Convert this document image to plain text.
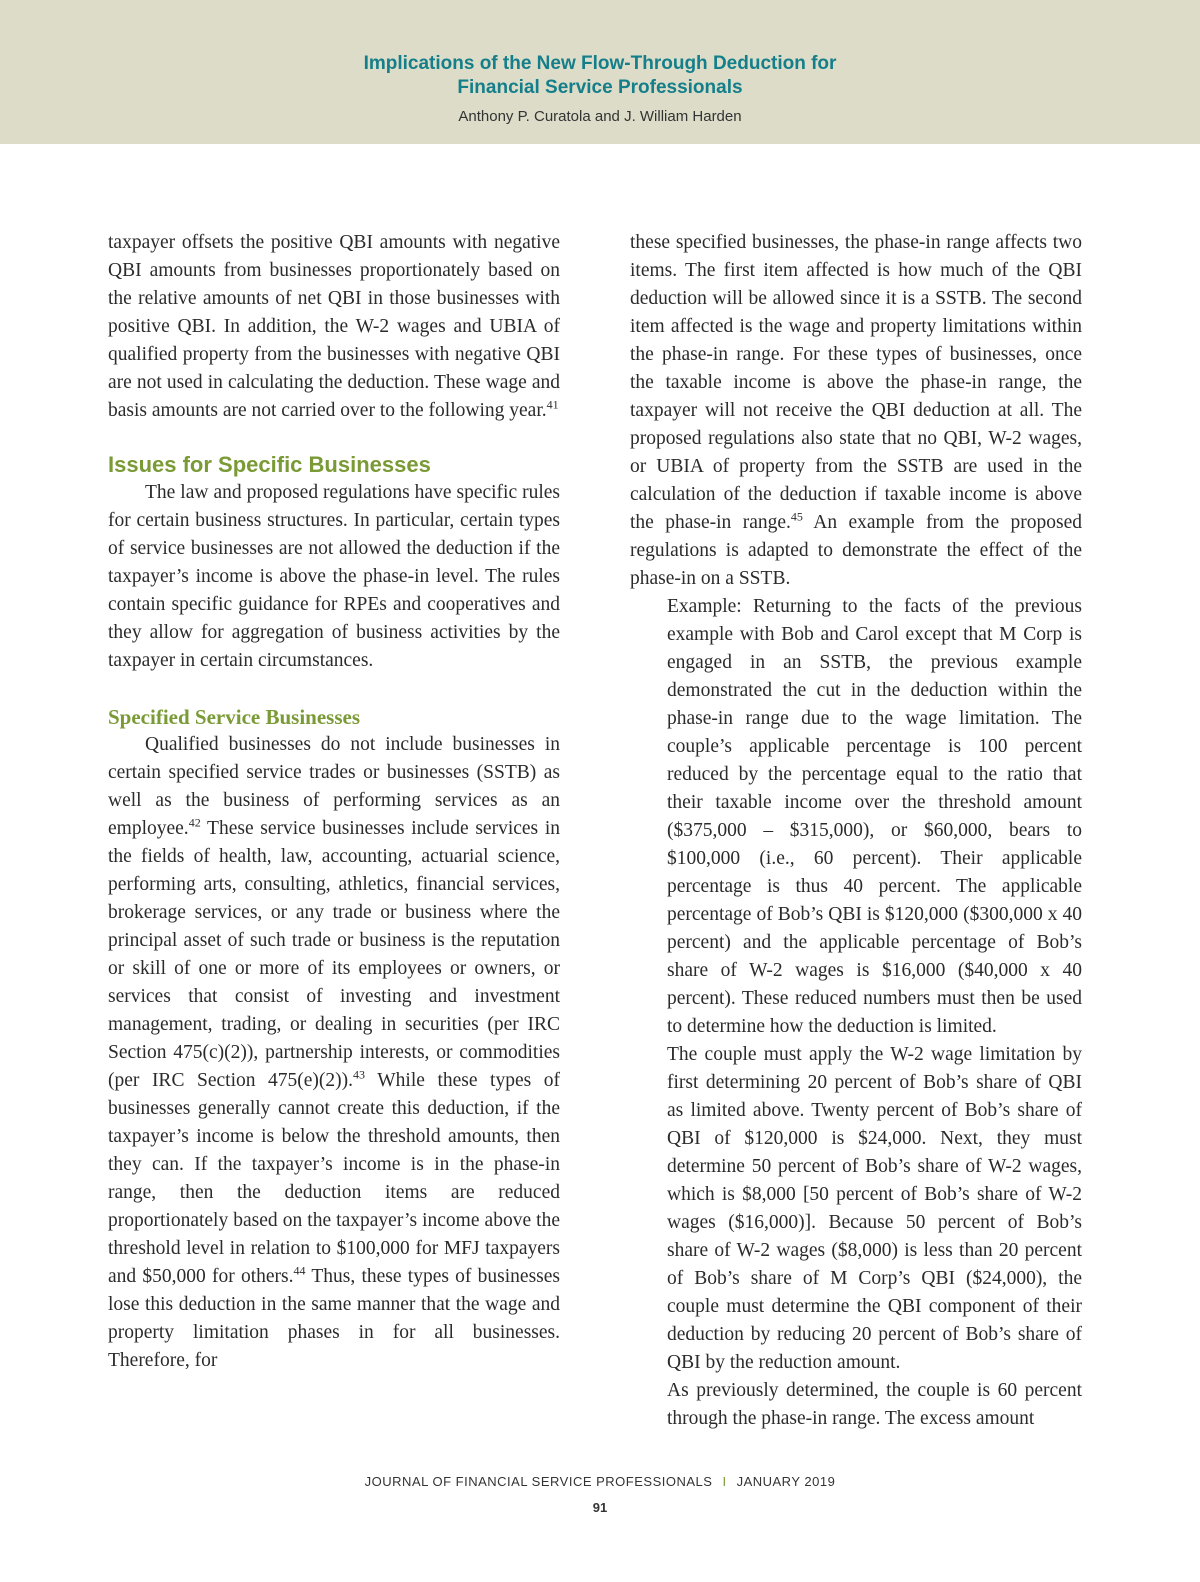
Implications of the New Flow-Through Deduction for
Financial Service Professionals
Anthony P. Curatola and J. William Harden

taxpayer offsets the positive QBI amounts with negative QBI amounts from businesses proportionately based on the relative amounts of net QBI in those businesses with positive QBI. In addition, the W-2 wages and UBIA of qualified property from the businesses with negative QBI are not used in calculating the deduction. These wage and basis amounts are not carried over to the following year.$^{41}$

Issues for Specific Businesses

The law and proposed regulations have specific rules for certain business structures. In particular, certain types of service businesses are not allowed the deduction if the taxpayer’s income is above the phase-in level. The rules contain specific guidance for RPEs and cooperatives and they allow for aggregation of business activities by the taxpayer in certain circumstances.

Specified Service Businesses

Qualified businesses do not include businesses in certain specified service trades or businesses (SSTB) as well as the business of performing services as an employee.$^{42}$ These service businesses include services in the fields of health, law, accounting, actuarial science, performing arts, consulting, athletics, financial services, brokerage services, or any trade or business where the principal asset of such trade or business is the reputation or skill of one or more of its employees or owners, or services that consist of investing and investment management, trading, or dealing in securities (per IRC Section 475(c)(2)), partnership interests, or commodities (per IRC Section 475(e)(2)).$^{43}$ While these types of businesses generally cannot create this deduction, if the taxpayer’s income is below the threshold amounts, then they can. If the taxpayer’s income is in the phase-in range, then the deduction items are reduced proportionately based on the taxpayer’s income above the threshold level in relation to $100,000 for MFJ taxpayers and $50,000 for others.$^{44}$ Thus, these types of businesses lose this deduction in the same manner that the wage and property limitation phases in for all businesses. Therefore, for

these specified businesses, the phase-in range affects two items. The first item affected is how much of the QBI deduction will be allowed since it is a SSTB. The second item affected is the wage and property limitations within the phase-in range. For these types of businesses, once the taxable income is above the phase-in range, the taxpayer will not receive the QBI deduction at all. The proposed regulations also state that no QBI, W-2 wages, or UBIA of property from the SSTB are used in the calculation of the deduction if taxable income is above the phase-in range.$^{45}$ An example from the proposed regulations is adapted to demonstrate the effect of the phase-in on a SSTB.

Example: Returning to the facts of the previous example with Bob and Carol except that M Corp is engaged in an SSTB, the previous example demonstrated the cut in the deduction within the phase-in range due to the wage limitation. The couple’s applicable percentage is 100 percent reduced by the percentage equal to the ratio that their taxable income over the threshold amount ($375,000 – $315,000), or $60,000, bears to $100,000 (i.e., 60 percent). Their applicable percentage is thus 40 percent. The applicable percentage of Bob’s QBI is $120,000 ($300,000 x 40 percent) and the applicable percentage of Bob’s share of W-2 wages is $16,000 ($40,000 x 40 percent). These reduced numbers must then be used to determine how the deduction is limited.

The couple must apply the W-2 wage limitation by first determining 20 percent of Bob’s share of QBI as limited above. Twenty percent of Bob’s share of QBI of $120,000 is $24,000. Next, they must determine 50 percent of Bob’s share of W-2 wages, which is $8,000 [50 percent of Bob’s share of W-2 wages ($16,000)]. Because 50 percent of Bob’s share of W-2 wages ($8,000) is less than 20 percent of Bob’s share of M Corp’s QBI ($24,000), the couple must determine the QBI component of their deduction by reducing 20 percent of Bob’s share of QBI by the reduction amount.

As previously determined, the couple is 60 percent through the phase-in range. The excess amount

JOURNAL OF FINANCIAL SERVICE PROFESSIONALS I JANUARY 2019
91
